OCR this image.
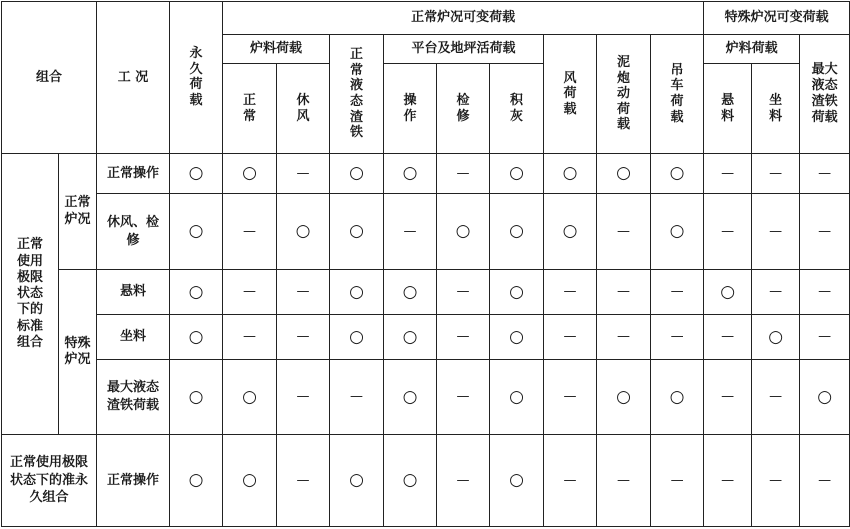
组合		工 况	永久荷载	正常炉况可变荷载									特殊炉况可变荷载		
				炉料荷载		正常液态渣铁	平台及地坪活荷载			风荷载	泥炮动荷载	吊车荷载	炉料荷载		最大液态渣铁荷载
				正常	休风		操作	检修	积灰				悬料	坐料	
正常使用极限状态下的标准组合	正常炉况	正常操作	○	○	—	○	○	—	○	○	○	○	—	—	—
		休风、检修	○	—	○	○	—	○	○	○	—	○	—	—	—
	特殊炉况	悬料	○	—	—	○	○	—	○	—	—	—	○	—	—
		坐料	○	—	—	○	○	—	○	—	—	—	—	○	—
		最大液态渣铁荷载	○	○	—	—	○	—	○	—	○	○	—	—	○
正常使用极限状态下的准永久组合		正常操作	○	○	—	○	○	—	○	—	—	—	—	—	—
